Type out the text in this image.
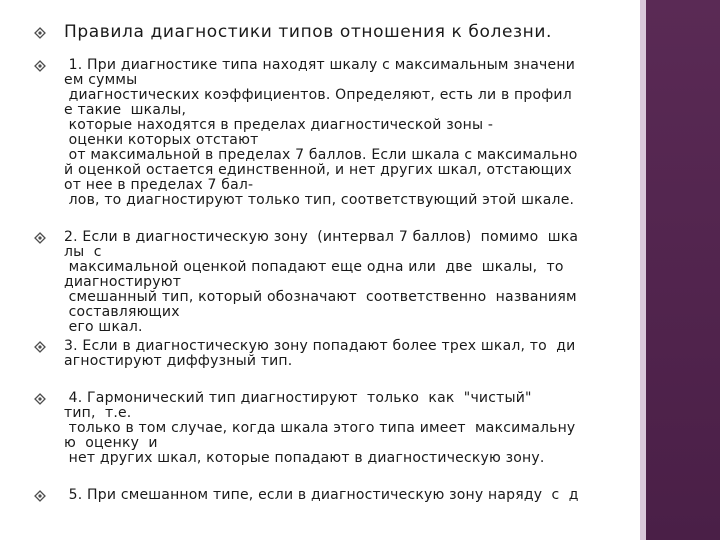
Правила диагностики типов отношения к болезни.
1. При диагностике типа находят шкалу с максимальным значени
ем суммы
диагностических коэффициентов. Определяют, есть ли в профил
е такие  шкалы,
которые находятся в пределах диагностической зоны -
оценки которых отстают
от максимальной в пределах 7 баллов. Если шкала с максимально
й оценкой остается единственной, и нет других шкал, отстающих
от нее в пределах 7 бал-
лов, то диагностируют только тип, соответствующий этой шкале.
2. Если в диагностическую зону  (интервал 7 баллов)  помимо  шка
лы  с
максимальной оценкой попадают еще одна или  две  шкалы,  то
диагностируют
смешанный тип, который обозначают  соответственно  названиям
составляющих
его шкал.
3. Если в диагностическую зону попадают более трех шкал, то  ди
агностируют диффузный тип.
4. Гармонический тип диагностируют  только  как  "чистый"
тип,  т.е.
только в том случае, когда шкала этого типа имеет  максимальну
ю  оценку  и
нет других шкал, которые попадают в диагностическую зону.
5. При смешанном типе, если в диагностическую зону наряду  с  д
